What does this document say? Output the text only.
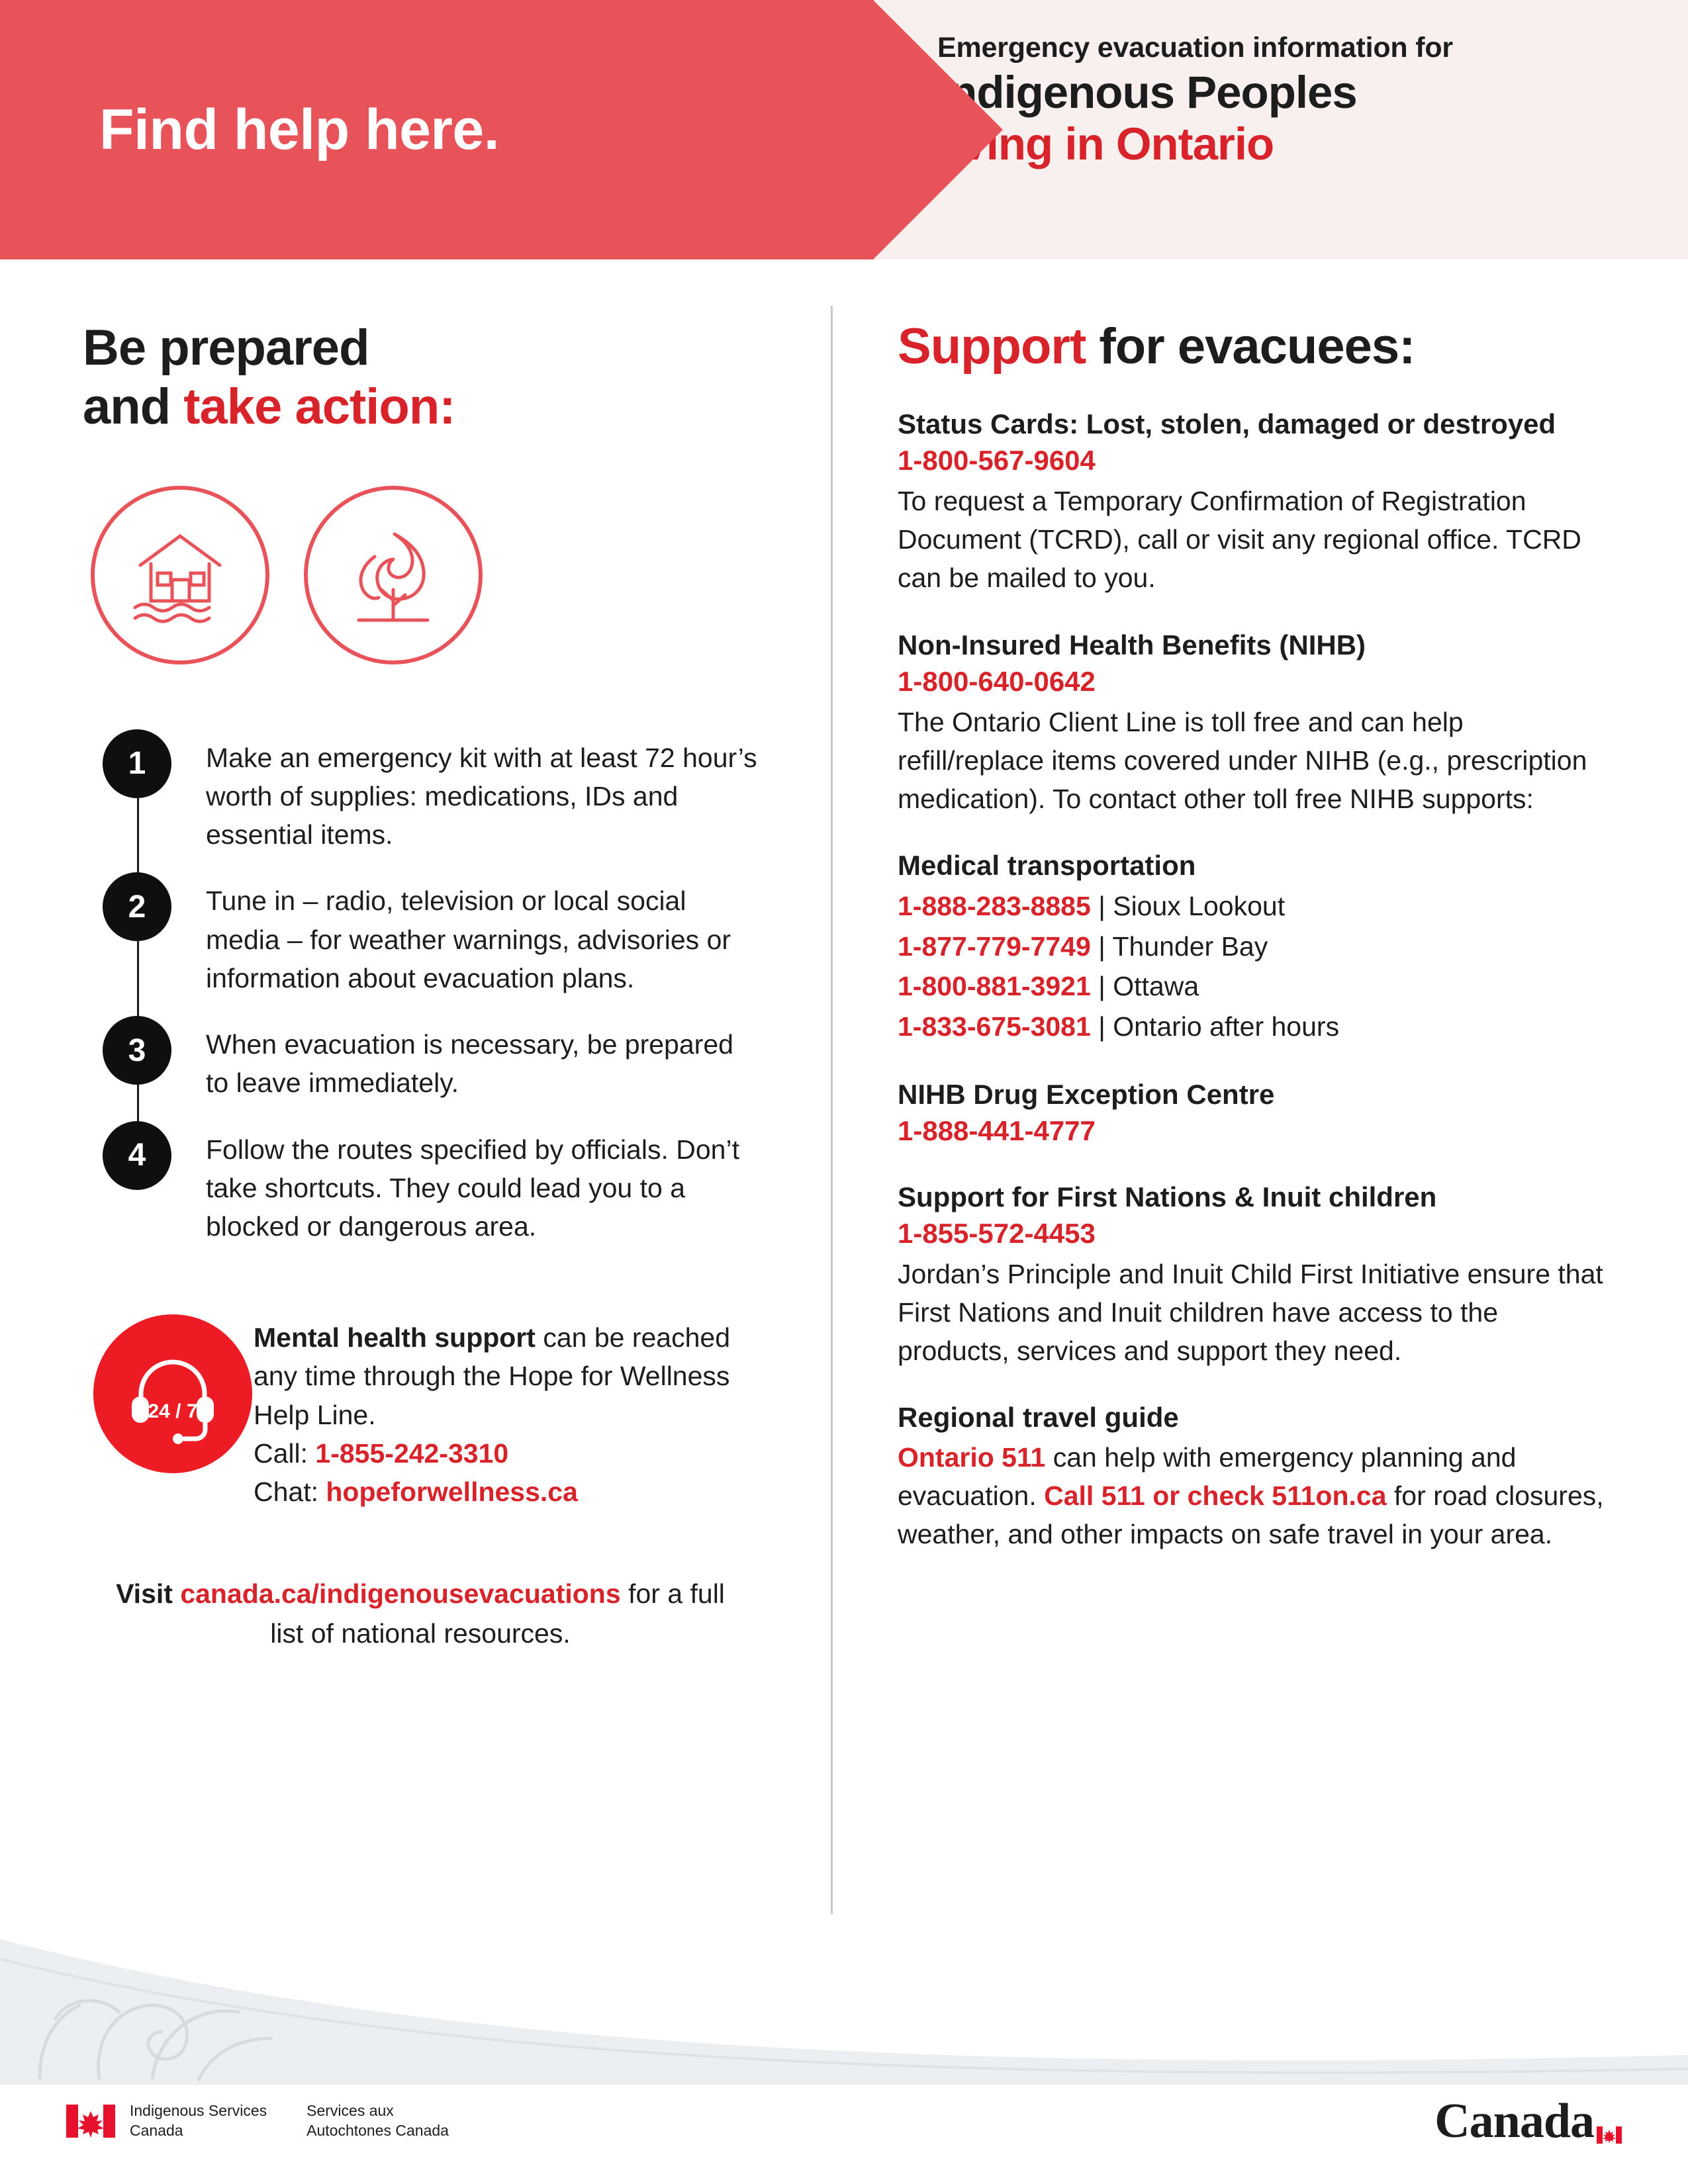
Find help here.
Emergency evacuation information for
Indigenous Peoples
living in Ontario
Be prepared
and take action:
1	Make an emergency kit with at least 72 hour’s worth of supplies: medications, IDs and essential items.
2	Tune in – radio, television or local social media – for weather warnings, advisories or information about evacuation plans.
3	When evacuation is necessary, be prepared to leave immediately.
4	Follow the routes specified by officials. Don’t take shortcuts. They could lead you to a blocked or dangerous area.
24 / 7
Mental health support can be reached any time through the Hope for Wellness Help Line.
Call: 1-855-242-3310
Chat: hopeforwellness.ca
Visit canada.ca/indigenousevacuations for a full list of national resources.
Support for evacuees:
Status Cards: Lost, stolen, damaged or destroyed
1-800-567-9604
To request a Temporary Confirmation of Registration Document (TCRD), call or visit any regional office. TCRD can be mailed to you.
Non-Insured Health Benefits (NIHB)
1-800-640-0642
The Ontario Client Line is toll free and can help refill/replace items covered under NIHB (e.g., prescription medication). To contact other toll free NIHB supports:
Medical transportation
1-888-283-8885 | Sioux Lookout
1-877-779-7749 | Thunder Bay
1-800-881-3921 | Ottawa
1-833-675-3081 | Ontario after hours
NIHB Drug Exception Centre
1-888-441-4777
Support for First Nations & Inuit children
1-855-572-4453
Jordan’s Principle and Inuit Child First Initiative ensure that First Nations and Inuit children have access to the products, services and support they need.
Regional travel guide
Ontario 511 can help with emergency planning and evacuation. Call 511 or check 511on.ca for road closures, weather, and other impacts on safe travel in your area.
Indigenous Services
Canada
Services aux
Autochtones Canada	Canada
